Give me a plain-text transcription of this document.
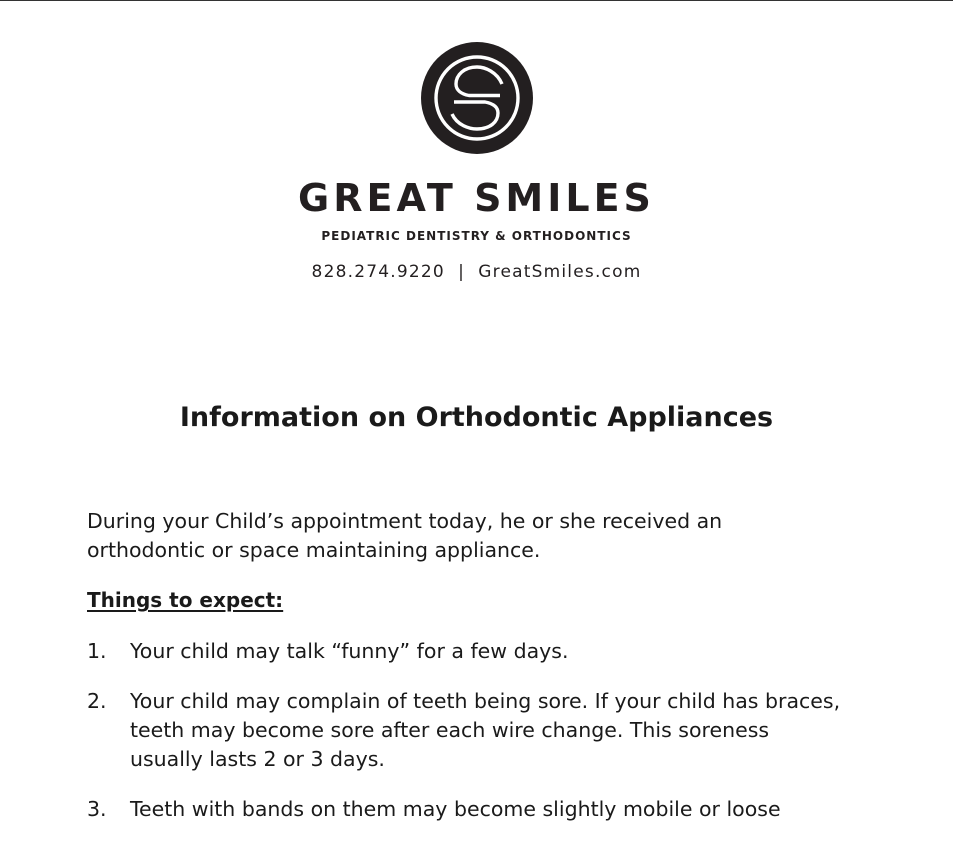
GREAT SMILES
PEDIATRIC DENTISTRY & ORTHODONTICS
828.274.9220 | GreatSmiles.com
Information on Orthodontic Appliances
During your Child’s appointment today, he or she received an orthodontic or space maintaining appliance.
Things to expect:
1. Your child may talk “funny” for a few days.
2. Your child may complain of teeth being sore. If your child has braces, teeth may become sore after each wire change. This soreness usually lasts 2 or 3 days.
3. Teeth with bands on them may become slightly mobile or loose
